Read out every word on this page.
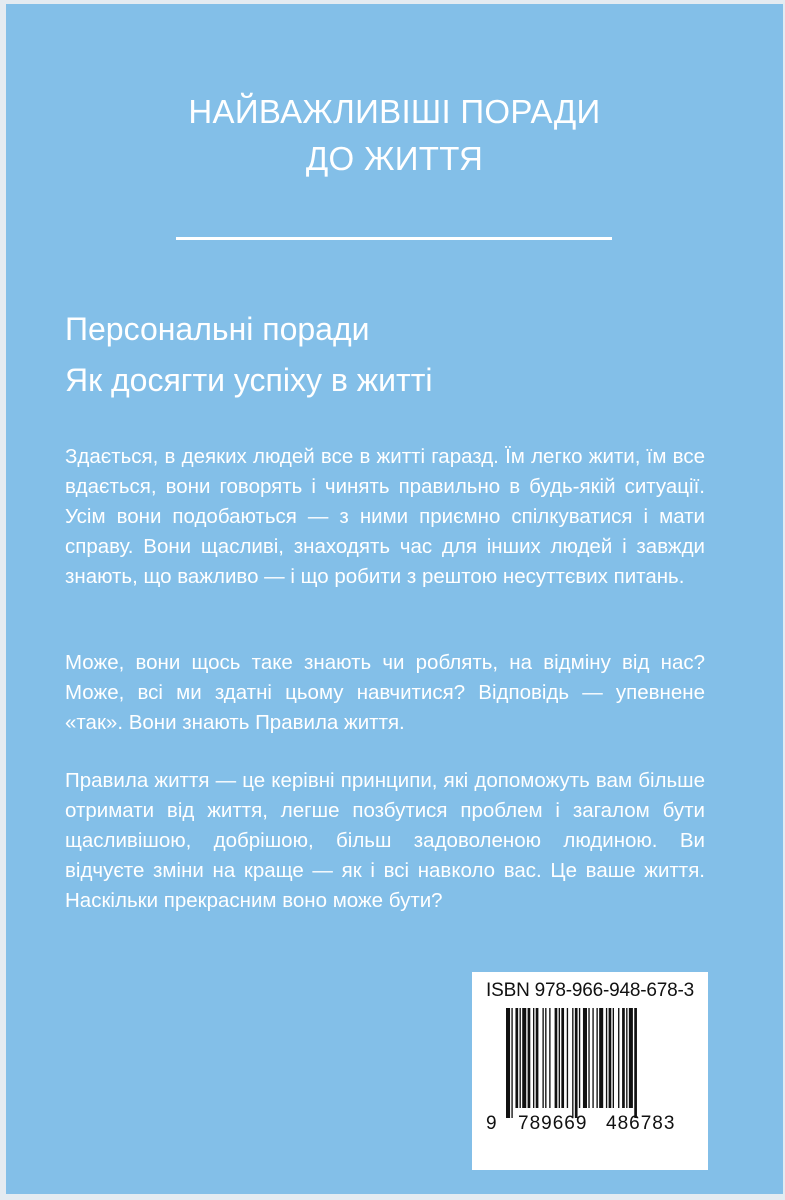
НАЙВАЖЛИВІШІ ПОРАДИ
ДО ЖИТТЯ
Персональні поради
Як досягти успіху в житті

Здається, в деяких людей все в житті гаразд. Їм легко жити, їм все вдається, вони говорять і чинять правильно в будь-якій ситуації. Усім вони подобаються — з ними приємно спілкуватися і мати справу. Вони щасливі, знаходять час для інших людей і завжди знають, що важливо — і що робити з рештою несуттєвих питань.

Може, вони щось таке знають чи роблять, на відміну від нас? Може, всі ми здатні цьому навчитися? Відповідь — упевнене «так». Вони знають Правила життя.

Правила життя — це керівні принципи, які допоможуть вам більше отримати від життя, легше позбутися проблем і загалом бути щасливішою, добрішою, більш задоволеною людиною. Ви відчуєте зміни на краще — як і всі навколо вас. Це ваше життя. Наскільки прекрасним воно може бути?

ISBN 978-966-948-678-3
9 789669 486783
